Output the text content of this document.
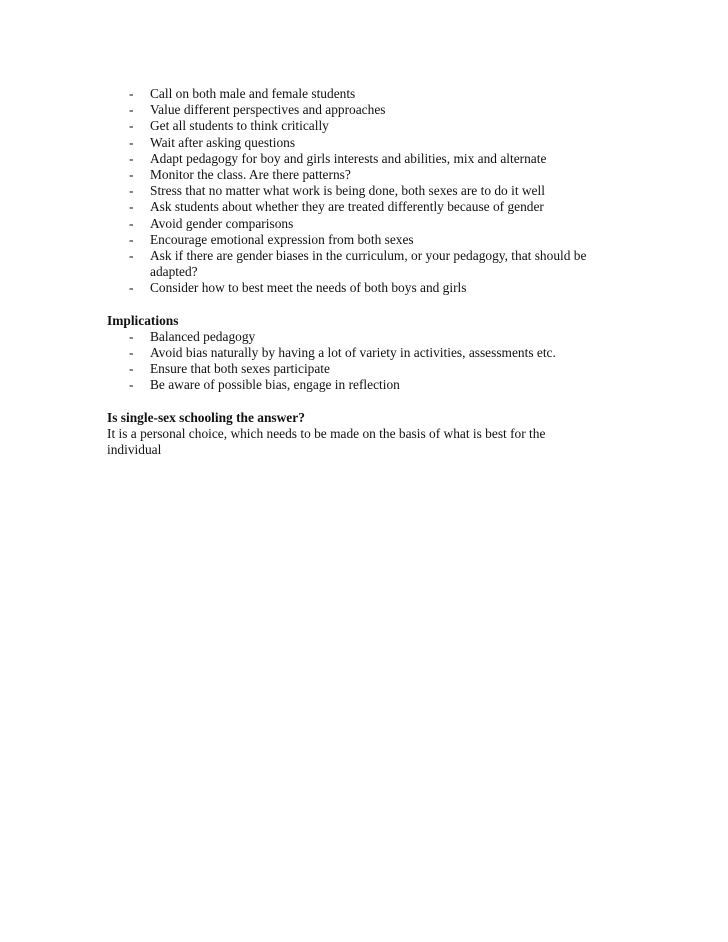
- Call on both male and female students
- Value different perspectives and approaches
- Get all students to think critically
- Wait after asking questions
- Adapt pedagogy for boy and girls interests and abilities, mix and alternate
- Monitor the class. Are there patterns?
- Stress that no matter what work is being done, both sexes are to do it well
- Ask students about whether they are treated differently because of gender
- Avoid gender comparisons
- Encourage emotional expression from both sexes
- Ask if there are gender biases in the curriculum, or your pedagogy, that should be adapted?
- Consider how to best meet the needs of both boys and girls

Implications

- Balanced pedagogy
- Avoid bias naturally by having a lot of variety in activities, assessments etc.
- Ensure that both sexes participate
- Be aware of possible bias, engage in reflection

Is single-sex schooling the answer?

It is a personal choice, which needs to be made on the basis of what is best for the individual
